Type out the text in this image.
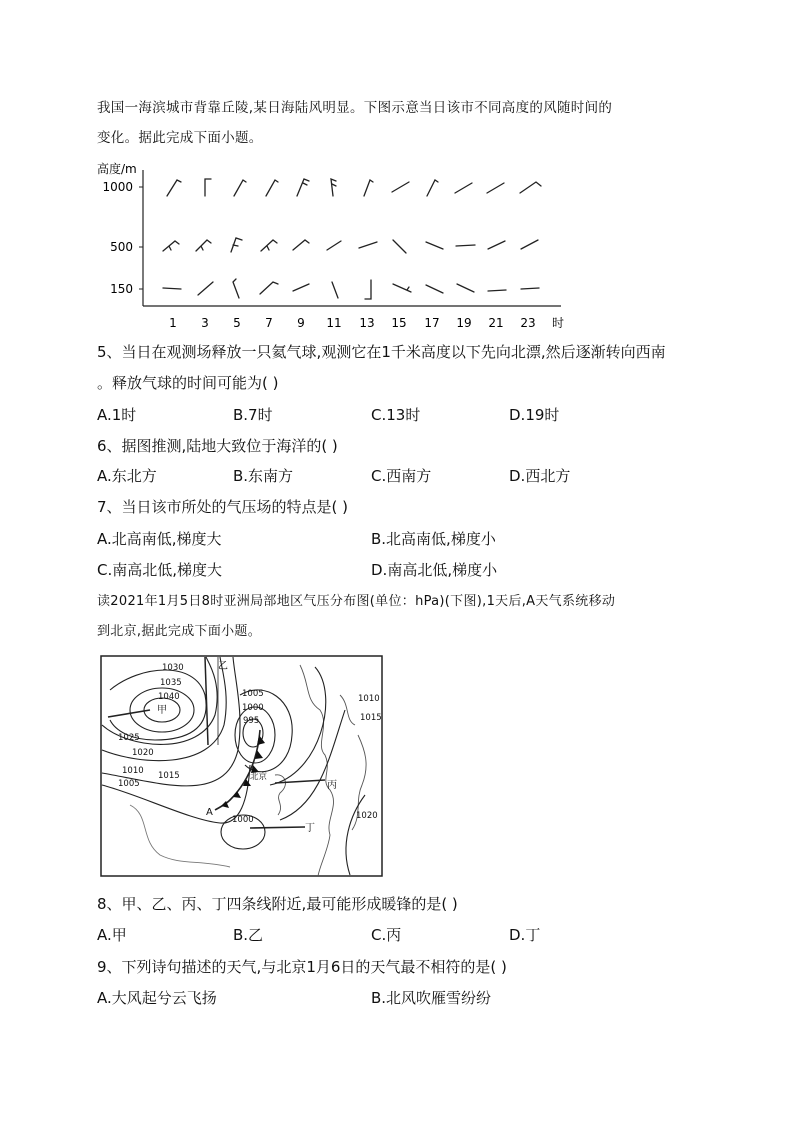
我国一海滨城市背靠丘陵,某日海陆风明显。下图示意当日该市不同高度的风随时间的
变化。据此完成下面小题。
高度/m
1000
500
150
1 3 5 7 9 11 13 15 17 19 21 23 时
5、当日在观测场释放一只氦气球,观测它在1千米高度以下先向北漂,然后逐渐转向西南
。释放气球的时间可能为( )
A.1时	B.7时	C.13时	D.19时
6、据图推测,陆地大致位于海洋的( )
A.东北方	B.东南方	C.西南方	D.西北方
7、当日该市所处的气压场的特点是( )
A.北高南低,梯度大	B.北高南低,梯度小
C.南高北低,梯度大	D.南高北低,梯度小
读2021年1月5日8时亚洲局部地区气压分布图(单位：hPa)(下图),1天后,A天气系统移动
到北京,据此完成下面小题。
1030
1035
1040
1025
1020
1010
1005
1015
1005
1000
995
1010
1015
1020
1000
甲
乙
丙
丁
北京
A
8、甲、乙、丙、丁四条线附近,最可能形成暖锋的是( )
A.甲	B.乙	C.丙	D.丁
9、下列诗句描述的天气,与北京1月6日的天气最不相符的是( )
A.大风起兮云飞扬	B.北风吹雁雪纷纷
